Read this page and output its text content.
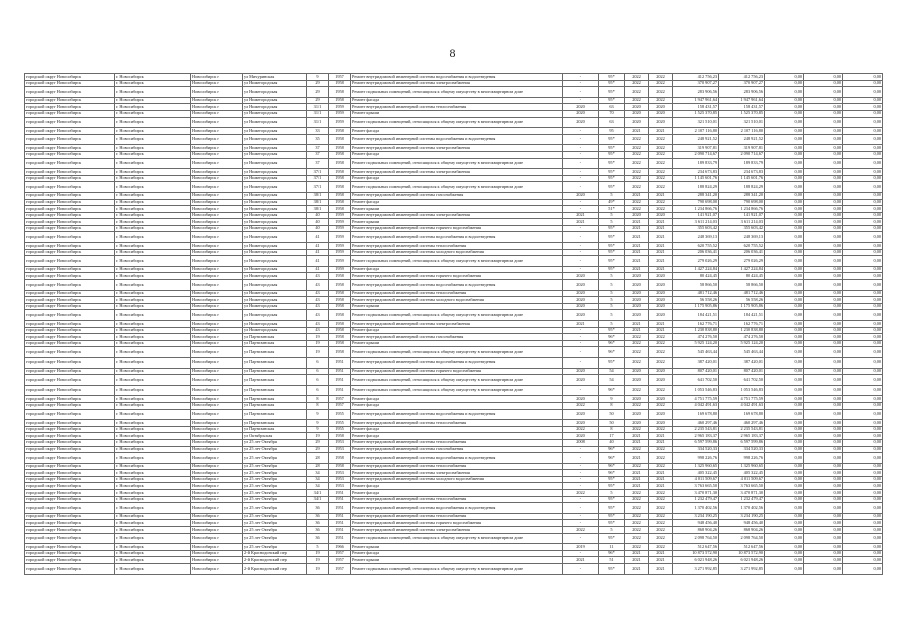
8
городской округ Новосибирск	г. Новосибирск	Новосибирск г	ул Мичуринская	9	1957	Ремонт внутридомовой инженерной системы водоснабжения и водоотведения	-	95*	2022	2022	412 756,23	412 756,23	0,00	0,00	0,00
городской округ Новосибирск	г. Новосибирск	Новосибирск г	ул Нижегородская	29	1958	Ремонт внутридомовой инженерной системы электроснабжения	-	95*	2022	2022	370 907,27	370 907,27	0,00	0,00	0,00
городской округ Новосибирск	г. Новосибирск	Новосибирск г	ул Нижегородская	29	1958	Ремонт подвальных помещений, относящихся к общему имуществу в многоквартирном доме	-	95*	2022	2022	283 906,56	283 906,56	0,00	0,00	0,00
городской округ Новосибирск	г. Новосибирск	Новосибирск г	ул Нижегородская	29	1958	Ремонт фасада	-	95*	2022	2022	1 947 961,64	1 947 961,64	0,00	0,00	0,00
городской округ Новосибирск	г. Новосибирск	Новосибирск г	ул Нижегородская	31/1	1959	Ремонт внутридомовой инженерной системы теплоснабжения	2020	63	2020	2020	158 431,57	158 431,57	0,00	0,00	0,00
городской округ Новосибирск	г. Новосибирск	Новосибирск г	ул Нижегородская	31/1	1959	Ремонт крыши	2020	70	2020	2020	1 525 370,85	1 525 370,85	0,00	0,00	0,00
городской округ Новосибирск	г. Новосибирск	Новосибирск г	ул Нижегородская	31/1	1959	Ремонт подвальных помещений, относящихся к общему имуществу в многоквартирном доме	2020	63	2020	2020	321 510,01	321 510,01	0,00	0,00	0,00
городской округ Новосибирск	г. Новосибирск	Новосибирск г	ул Нижегородская	33	1958	Ремонт фасада	-	95	2021	2021	2 107 116,80	2 107 116,80	0,00	0,00	0,00
городской округ Новосибирск	г. Новосибирск	Новосибирск г	ул Нижегородская	35	1958	Ремонт внутридомовой инженерной системы водоснабжения и водоотведения	-	95*	2022	2022	248 921,52	248 921,52	0,00	0,00	0,00
городской округ Новосибирск	г. Новосибирск	Новосибирск г	ул Нижегородская	37	1958	Ремонт внутридомовой инженерной системы электроснабжения	-	95*	2022	2022	319 907,81	319 907,81	0,00	0,00	0,00
городской округ Новосибирск	г. Новосибирск	Новосибирск г	ул Нижегородская	37	1958	Ремонт фасада	-	95*	2022	2022	2 090 714,67	2 090 714,67	0,00	0,00	0,00
городской округ Новосибирск	г. Новосибирск	Новосибирск г	ул Нижегородская	37	1958	Ремонт подвальных помещений, относящихся к общему имуществу в многоквартирном доме	-	95*	2022	2022	189 833,79	189 833,79	0,00	0,00	0,00
городской округ Новосибирск	г. Новосибирск	Новосибирск г	ул Нижегородская	37/1	1958	Ремонт внутридомовой инженерной системы электроснабжения	-	95*	2022	2022	234 673,83	234 673,83	0,00	0,00	0,00
городской округ Новосибирск	г. Новосибирск	Новосибирск г	ул Нижегородская	37/1	1958	Ремонт фасада	-	95*	2022	2022	1 145 601,76	1 145 601,76	0,00	0,00	0,00
городской округ Новосибирск	г. Новосибирск	Новосибирск г	ул Нижегородская	37/1	1958	Ремонт подвальных помещений, относящихся к общему имуществу в многоквартирном доме	-	95*	2022	2022	188 824,29	188 824,29	0,00	0,00	0,00
городской округ Новосибирск	г. Новосибирск	Новосибирск г	ул Нижегородская	38/1	1958	Ремонт внутридомовой инженерной системы газоснабжения	2020	5	2021	2021	288 341,20	288 341,20	0,00	0,00	0,00
городской округ Новосибирск	г. Новосибирск	Новосибирск г	ул Нижегородская	38/1	1958	Ремонт фасада	-	49*	2022	2022	790 698,00	790 698,00	0,00	0,00	0,00
городской округ Новосибирск	г. Новосибирск	Новосибирск г	ул Нижегородская	38/1	1958	Ремонт крыши	-	51*	2022	2022	1 234 866,76	1 234 866,76	0,00	0,00	0,00
городской округ Новосибирск	г. Новосибирск	Новосибирск г	ул Нижегородская	40	1959	Ремонт внутридомовой инженерной системы электроснабжения	2021	5	2020	2020	141 921,07	141 921,07	0,00	0,00	0,00
городской округ Новосибирск	г. Новосибирск	Новосибирск г	ул Нижегородская	40	1959	Ремонт крыши	2021	5	2021	2021	3 611 214,03	3 611 214,03	0,00	0,00	0,00
городской округ Новосибирск	г. Новосибирск	Новосибирск г	ул Нижегородская	40	1959	Ремонт внутридомовой инженерной системы горячего водоснабжения	-	95*	2021	2021	355 603,42	355 603,42	0,00	0,00	0,00
городской округ Новосибирск	г. Новосибирск	Новосибирск г	ул Нижегородская	41	1959	Ремонт внутридомовой инженерной системы водоснабжения и водоотведения	-	95*	2021	2021	248 369,13	248 369,13	0,00	0,00	0,00
городской округ Новосибирск	г. Новосибирск	Новосибирск г	ул Нижегородская	41	1959	Ремонт внутридомовой инженерной системы теплоснабжения	-	95*	2021	2021	620 755,52	620 755,52	0,00	0,00	0,00
городской округ Новосибирск	г. Новосибирск	Новосибирск г	ул Нижегородская	41	1959	Ремонт внутридомовой инженерной системы холодного водоснабжения	-	95*	2021	2021	206 036,41	206 036,41	0,00	0,00	0,00
городской округ Новосибирск	г. Новосибирск	Новосибирск г	ул Нижегородская	41	1959	Ремонт подвальных помещений, относящихся к общему имуществу в многоквартирном доме	-	95*	2021	2021	279 026,29	279 026,29	0,00	0,00	0,00
городской округ Новосибирск	г. Новосибирск	Новосибирск г	ул Нижегородская	41	1959	Ремонт фасада	-	95*	2021	2021	1 427 224,84	1 427 224,84	0,00	0,00	0,00
городской округ Новосибирск	г. Новосибирск	Новосибирск г	ул Нижегородская	43	1958	Ремонт внутридомовой инженерной системы горячего водоснабжения	2020	5	2020	2020	80 424,45	80 424,45	0,00	0,00	0,00
городской округ Новосибирск	г. Новосибирск	Новосибирск г	ул Нижегородская	43	1958	Ремонт внутридомовой инженерной системы водоснабжения и водоотведения	2020	5	2020	2020	58 866,50	58 866,50	0,00	0,00	0,00
городской округ Новосибирск	г. Новосибирск	Новосибирск г	ул Нижегородская	43	1958	Ремонт внутридомовой инженерной системы теплоснабжения	2020	5	2020	2020	481 712,46	481 712,46	0,00	0,00	0,00
городской округ Новосибирск	г. Новосибирск	Новосибирск г	ул Нижегородская	43	1958	Ремонт внутридомовой инженерной системы холодного водоснабжения	2020	5	2020	2020	56 558,26	56 558,26	0,00	0,00	0,00
городской округ Новосибирск	г. Новосибирск	Новосибирск г	ул Нижегородская	43	1958	Ремонт крыши	2020	5	2020	2020	1 175 905,86	1 175 905,86	0,00	0,00	0,00
городской округ Новосибирск	г. Новосибирск	Новосибирск г	ул Нижегородская	43	1958	Ремонт подвальных помещений, относящихся к общему имуществу в многоквартирном доме	2020	5	2020	2020	184 421,51	184 421,51	0,00	0,00	0,00
городской округ Новосибирск	г. Новосибирск	Новосибирск г	ул Нижегородская	43	1958	Ремонт внутридомовой инженерной системы электроснабжения	2021	5	2021	2021	162 776,71	162 776,71	0,00	0,00	0,00
городской округ Новосибирск	г. Новосибирск	Новосибирск г	ул Нижегородская	43	1958	Ремонт фасада	-	95*	2021	2021	1 230 838,80	1 230 838,80	0,00	0,00	0,00
городской округ Новосибирск	г. Новосибирск	Новосибирск г	ул Партизанская	19	1958	Ремонт внутридомовой инженерной системы газоснабжения	-	96*	2022	2022	474 276,50	474 276,50	0,00	0,00	0,00
городской округ Новосибирск	г. Новосибирск	Новосибирск г	ул Партизанская	19	1958	Ремонт крыши	-	96*	2022	2022	5 925 124,20	5 925 124,20	0,00	0,00	0,00
городской округ Новосибирск	г. Новосибирск	Новосибирск г	ул Партизанская	19	1958	Ремонт подвальных помещений, относящихся к общему имуществу в многоквартирном доме	-	96*	2022	2022	545 463,44	545 463,44	0,00	0,00	0,00
городской округ Новосибирск	г. Новосибирск	Новосибирск г	ул Партизанская	6	1951	Ремонт внутридомовой инженерной системы водоснабжения и водоотведения	-	95*	2022	2022	387 420,01	387 420,01	0,00	0,00	0,00
городской округ Новосибирск	г. Новосибирск	Новосибирск г	ул Партизанская	6	1951	Ремонт внутридомовой инженерной системы горячего водоснабжения	2020	54	2020	2020	807 420,01	807 420,01	0,00	0,00	0,00
городской округ Новосибирск	г. Новосибирск	Новосибирск г	ул Партизанская	6	1951	Ремонт подвальных помещений, относящихся к общему имуществу в многоквартирном доме	2020	54	2020	2020	641 702,50	641 702,50	0,00	0,00	0,00
городской округ Новосибирск	г. Новосибирск	Новосибирск г	ул Партизанская	6	1951	Ремонт подвальных помещений, относящихся к общему имуществу в многоквартирном доме	-	96*	2022	2022	1 053 546,83	1 053 546,83	0,00	0,00	0,00
городской округ Новосибирск	г. Новосибирск	Новосибирск г	ул Партизанская	8	1957	Ремонт фасада	2020	9	2020	2020	4 751 775,59	4 751 775,59	0,00	0,00	0,00
городской округ Новосибирск	г. Новосибирск	Новосибирск г	ул Партизанская	8	1957	Ремонт фасада	2022	8	2022	2022	4 042 491,63	4 042 491,63	0,00	0,00	0,00
городской округ Новосибирск	г. Новосибирск	Новосибирск г	ул Партизанская	9	1955	Ремонт внутридомовой инженерной системы водоснабжения и водоотведения	2020	50	2020	2020	169 678,80	169 678,80	0,00	0,00	0,00
городской округ Новосибирск	г. Новосибирск	Новосибирск г	ул Партизанская	9	1955	Ремонт внутридомовой инженерной системы теплоснабжения	2020	50	2020	2020	460 297,46	460 297,46	0,00	0,00	0,00
городской округ Новосибирск	г. Новосибирск	Новосибирск г	ул Партизанская	9	1955	Ремонт фасада	2022	8	2022	2022	2 235 543,81	2 235 543,81	0,00	0,00	0,00
городской округ Новосибирск	г. Новосибирск	Новосибирск г	ул Октябрьская	19	1958	Ремонт фасада	2020	17	2021	2021	2 965 183,37	2 965 183,37	0,00	0,00	0,00
городской округ Новосибирск	г. Новосибирск	Новосибирск г	ул 25 лет Октября	29	1953	Ремонт внутридомовой инженерной системы теплоснабжения	2008	40	2021	2021	6 597 599,86	6 597 599,86	0,00	0,00	0,00
городской округ Новосибирск	г. Новосибирск	Новосибирск г	ул 25 лет Октября	29	1953	Ремонт внутридомовой инженерной системы газоснабжения	-	96*	2022	2022	334 520,33	334 520,33	0,00	0,00	0,00
городской округ Новосибирск	г. Новосибирск	Новосибирск г	ул 25 лет Октября	28	1958	Ремонт внутридомовой инженерной системы водоснабжения и водоотведения	-	96*	2021	2022	998 226,76	998 226,76	0,00	0,00	0,00
городской округ Новосибирск	г. Новосибирск	Новосибирск г	ул 25 лет Октября	28	1958	Ремонт внутридомовой инженерной системы теплоснабжения	-	96*	2022	2022	1 325 960,65	1 325 960,65	0,00	0,00	0,00
городской округ Новосибирск	г. Новосибирск	Новосибирск г	ул 25 лет Октября	34	1953	Ремонт внутридомовой инженерной системы электроснабжения	-	96*	2021	2021	405 322,45	405 322,45	0,00	0,00	0,00
городской округ Новосибирск	г. Новосибирск	Новосибирск г	ул 25 лет Октября	34	1953	Ремонт внутридомовой инженерной системы холодного водоснабжения	-	95*	2021	2021	4 011 509,67	4 011 509,67	0,00	0,00	0,00
городской округ Новосибирск	г. Новосибирск	Новосибирск г	ул 25 лет Октября	34	1953	Ремонт фасада	-	95*	2021	2021	3 763 665,50	3 763 665,50	0,00	0,00	0,00
городской округ Новосибирск	г. Новосибирск	Новосибирск г	ул 25 лет Октября	34/1	1951	Ремонт фасада	2022	5	2022	2022	3 470 871,30	3 470 871,30	0,00	0,00	0,00
городской округ Новосибирск	г. Новосибирск	Новосибирск г	ул 25 лет Октября	34/1	1951	Ремонт внутридомовой инженерной системы теплоснабжения	-	95*	2022	2022	1 232 479,47	1 232 479,47	0,00	0,00	0,00
городской округ Новосибирск	г. Новосибирск	Новосибирск г	ул 25 лет Октября	36	1951	Ремонт внутридомовой инженерной системы водоснабжения и водоотведения	-	95*	2022	2022	1 370 402,56	1 370 402,56	0,00	0,00	0,00
городской округ Новосибирск	г. Новосибирск	Новосибирск г	ул 25 лет Октября	36	1951	Ремонт внутридомовой инженерной системы теплоснабжения	-	95*	2022	2022	3 234 190,25	3 234 190,25	0,00	0,00	0,00
городской округ Новосибирск	г. Новосибирск	Новосибирск г	ул 25 лет Октября	36	1951	Ремонт внутридомовой инженерной системы горячего водоснабжения	-	95*	2022	2022	948 456,40	948 456,40	0,00	0,00	0,00
городской округ Новосибирск	г. Новосибирск	Новосибирск г	ул 25 лет Октября	36	1951	Ремонт внутридомовой инженерной системы электроснабжения	2022	5	2022	2022	868 904,26	868 904,26	0,00	0,00	0,00
городской округ Новосибирск	г. Новосибирск	Новосибирск г	ул 25 лет Октября	36	1951	Ремонт подвальных помещений, относящихся к общему имуществу в многоквартирном доме	-	95*	2022	2022	2 098 764,50	2 098 764,50	0,00	0,00	0,00
городской округ Новосибирск	г. Новосибирск	Новосибирск г	ул 25 лет Октября	5	1966	Ремонт крыши	2019	11	2022	2022	512 647,56	512 647,56	0,00	0,00	0,00
городской округ Новосибирск	г. Новосибирск	Новосибирск г	2-й Краснодонский пер	19	1957	Ремонт фасада	-	96*	2021	2021	10 873 572,90	10 873 572,90	0,00	0,00	0,00
городской округ Новосибирск	г. Новосибирск	Новосибирск г	2-й Краснодонский пер	19	1957	Ремонт крыши	2021	51	2021	2021	6 021 948,26	6 021 948,26	0,00	0,00	0,00
городской округ Новосибирск	г. Новосибирск	Новосибирск г	2-й Краснодонский пер	19	1957	Ремонт подвальных помещений, относящихся к общему имуществу в многоквартирном доме	-	95*	2021	2021	3 271 992,85	3 271 992,85	0,00	0,00	0,00
